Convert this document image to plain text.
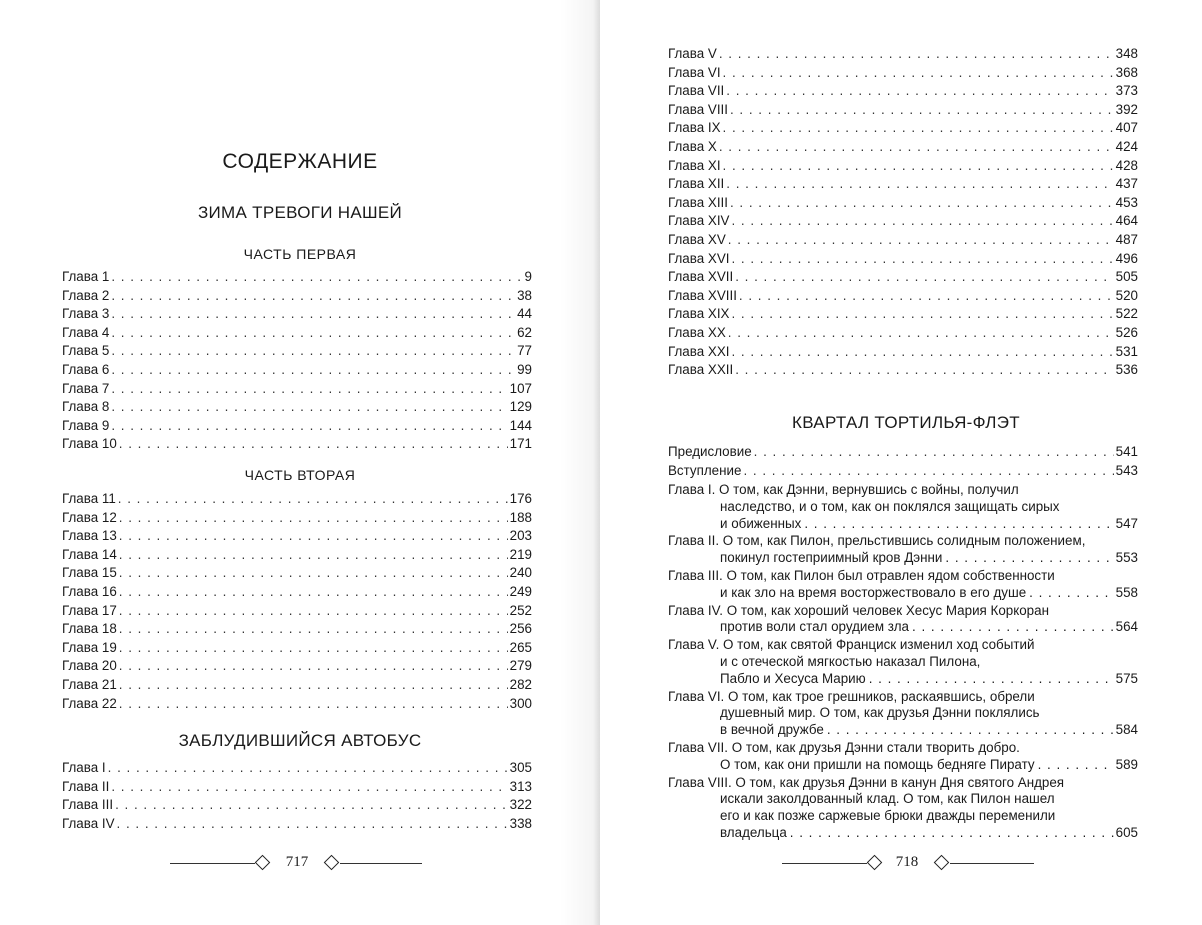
СОДЕРЖАНИЕ
ЗИМА ТРЕВОГИ НАШЕЙ
ЧАСТЬ ПЕРВАЯ
Глава 1 . . .	9
Глава 2 . . .	38
Глава 3 . . .	44
Глава 4 . . .	62
Глава 5 . . .	77
Глава 6 . . .	99
Глава 7 . . .	107
Глава 8 . . .	129
Глава 9 . . .	144
Глава 10 . . .	171
ЧАСТЬ ВТОРАЯ
Глава 11 . . .	176
Глава 12 . . .	188
Глава 13 . . .	203
Глава 14 . . .	219
Глава 15 . . .	240
Глава 16 . . .	249
Глава 17 . . .	252
Глава 18 . . .	256
Глава 19 . . .	265
Глава 20 . . .	279
Глава 21 . . .	282
Глава 22 . . .	300
ЗАБЛУДИВШИЙСЯ АВТОБУС
Глава I . . .	305
Глава II . . .	313
Глава III . . .	322
Глава IV . . .	338
717
Глава V . . .	348
Глава VI . . .	368
Глава VII . . .	373
Глава VIII . . .	392
Глава IX . . .	407
Глава X . . .	424
Глава XI . . .	428
Глава XII . . .	437
Глава XIII . . .	453
Глава XIV . . .	464
Глава XV . . .	487
Глава XVI . . .	496
Глава XVII . . .	505
Глава XVIII . . .	520
Глава XIX . . .	522
Глава XX . . .	526
Глава XXI . . .	531
Глава XXII . . .	536
КВАРТАЛ ТОРТИЛЬЯ-ФЛЭТ
Предисловие . . .	541
Вступление . . .	543
Глава I. О том, как Дэнни, вернувшись с войны, получил
наследство, и о том, как он поклялся защищать сирых
и обиженных . . .	547
Глава II. О том, как Пилон, прельстившись солидным положением,
покинул гостеприимный кров Дэнни . . .	553
Глава III. О том, как Пилон был отравлен ядом собственности
и как зло на время восторжествовало в его душе . . .	558
Глава IV. О том, как хороший человек Хесус Мария Коркоран
против воли стал орудием зла . . .	564
Глава V. О том, как святой Франциск изменил ход событий
и с отеческой мягкостью наказал Пилона,
Пабло и Хесуса Марию . . .	575
Глава VI. О том, как трое грешников, раскаявшись, обрели
душевный мир. О том, как друзья Дэнни поклялись
в вечной дружбе . . .	584
Глава VII. О том, как друзья Дэнни стали творить добро.
О том, как они пришли на помощь бедняге Пирату . . .	589
Глава VIII. О том, как друзья Дэнни в канун Дня святого Андрея
искали заколдованный клад. О том, как Пилон нашел
его и как позже саржевые брюки дважды переменили
владельца . . .	605
718
